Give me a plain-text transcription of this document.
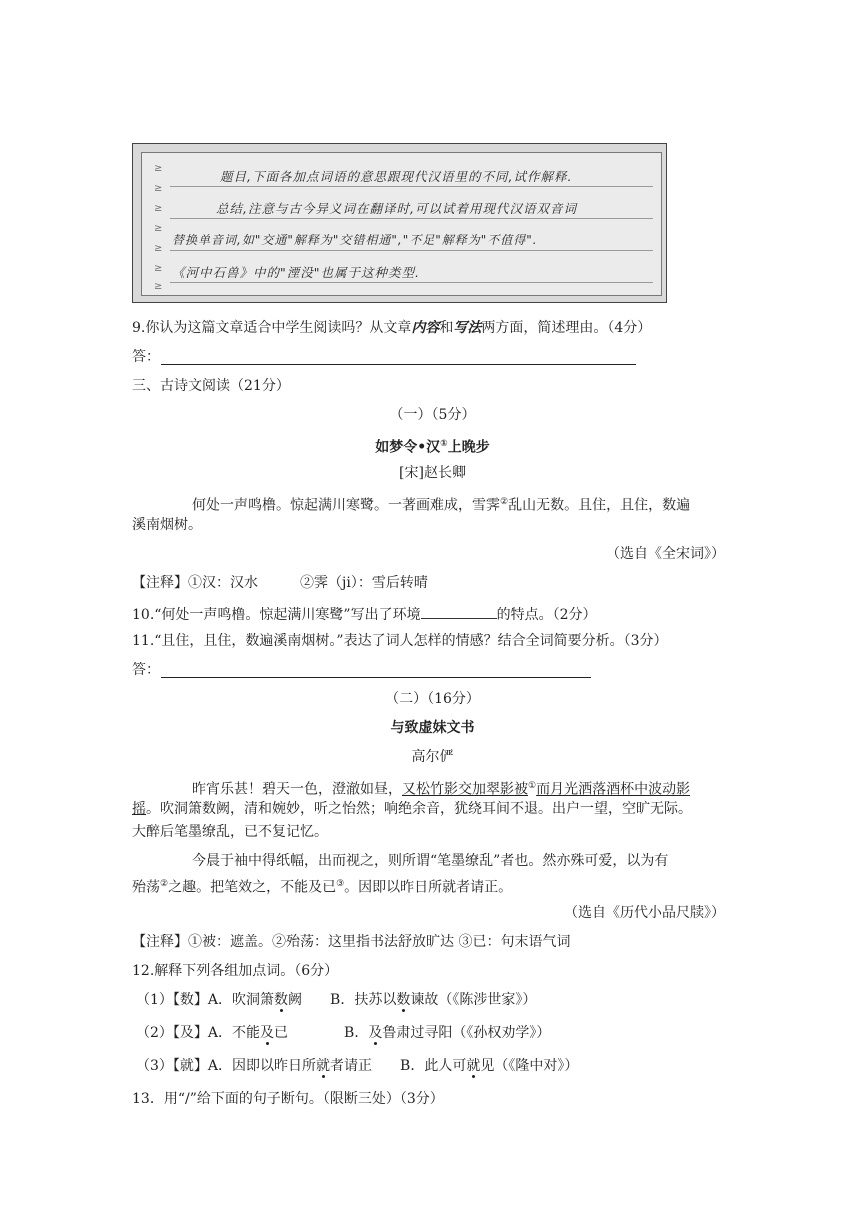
≥
≥
≥
≥
≥
≥
≥
题目,下面各加点词语的意思跟现代汉语里的不同,试作解释.
总结,注意与古今异义词在翻译时,可以试着用现代汉语双音词
替换单音词,如"交通"解释为"交错相通","不足"解释为"不值得".
《河中石兽》中的"湮没"也属于这种类型.
9.你认为这篇文章适合中学生阅读吗？从文章内容和写法两方面，简述理由。（4分）
答：
三、古诗文阅读（21分）
（一）（5分）
如梦令•汉①上晚步
[宋]赵长卿
何处一声鸣橹。惊起满川寒鹭。一著画难成，雪霁②乱山无数。且住，且住，数遍
溪南烟树。
（选自《全宋词》）
【注释】①汉：汉水　　　②霁（ji）：雪后转晴
10.“何处一声鸣橹。惊起满川寒鹭”写出了环境	的特点。（2分）
11.“且住，且住，数遍溪南烟树。”表达了词人怎样的情感？结合全词简要分析。（3分）
答：
（二）（16分）
与致虚妹文书
高尔俨
昨宵乐甚！碧天一色，澄澈如昼，又松竹影交加翠影被①而月光洒落酒杯中波动影
摇。吹洞箫数阙，清和婉妙，听之怡然；响绝余音，犹绕耳间不退。出户一望，空旷无际。
大醉后笔墨缭乱，已不复记忆。
今晨于袖中得纸幅，出而视之，则所谓“笔墨缭乱”者也。然亦殊可爱，以为有
殆荡②之趣。把笔效之，不能及已③。因即以昨日所就者请正。
（选自《历代小品尺牍》）
【注释】①被：遮盖。②殆荡：这里指书法舒放旷达 ③已：句末语气词
12.解释下列各组加点词。（6分）
（1）【数】A．吹洞箫数阙　　B．扶苏以数谏故（《陈涉世家》）
（2）【及】A．不能及已　　　　B．及鲁肃过寻阳（《孙权劝学》）
（3）【就】A．因即以昨日所就者请正　　B．此人可就见（《隆中对》）
13．用“/”给下面的句子断句。（限断三处）（3分）
